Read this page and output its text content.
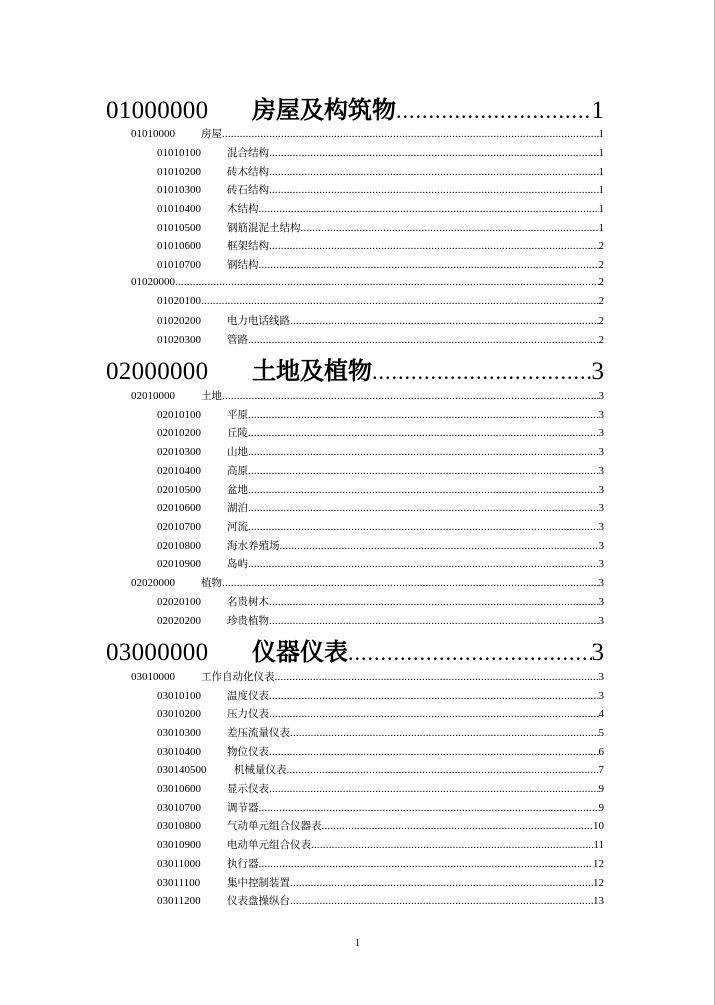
01000000	房屋及构筑物 .....	1
01010000	房屋 .....	1
01010100	混合结构 .....	1
01010200	砖木结构 .....	1
01010300	砖石结构 .....	1
01010400	木结构 .....	1
01010500	钢筋混泥土结构 .....	1
01010600	框架结构 .....	2
01010700	钢结构 .....	2
01020000 .....	2
01020100 .....	2
01020200	电力电话线路 .....	2
01020300	管路 .....	2
02000000	土地及植物 .....	3
02010000	土地 .....	3
02010100	平原 .....	3
02010200	丘陵 .....	3
02010300	山地 .....	3
02010400	高原 .....	3
02010500	盆地 .....	3
02010600	湖泊 .....	3
02010700	河流 .....	3
02010800	海水养殖场 .....	3
02010900	岛屿 .....	3
02020000	植物 .....	3
02020100	名贵树木 .....	3
02020200	珍贵植物 .....	3
03000000	仪器仪表 .....	3
03010000	工作自动化仪表 .....	3
03010100	温度仪表 .....	3
03010200	压力仪表 .....	4
03010300	差压流量仪表 .....	5
03010400	物位仪表 .....	6
030140500	机械量仪表 .....	7
03010600	显示仪表 .....	9
03010700	调节器 .....	9
03010800	气动单元组合仪器表 .....	10
03010900	电动单元组合仪表 .....	11
03011000	执行器 .....	12
03011100	集中控制装置 .....	12
03011200	仪表盘操纵台 .....	13
1
